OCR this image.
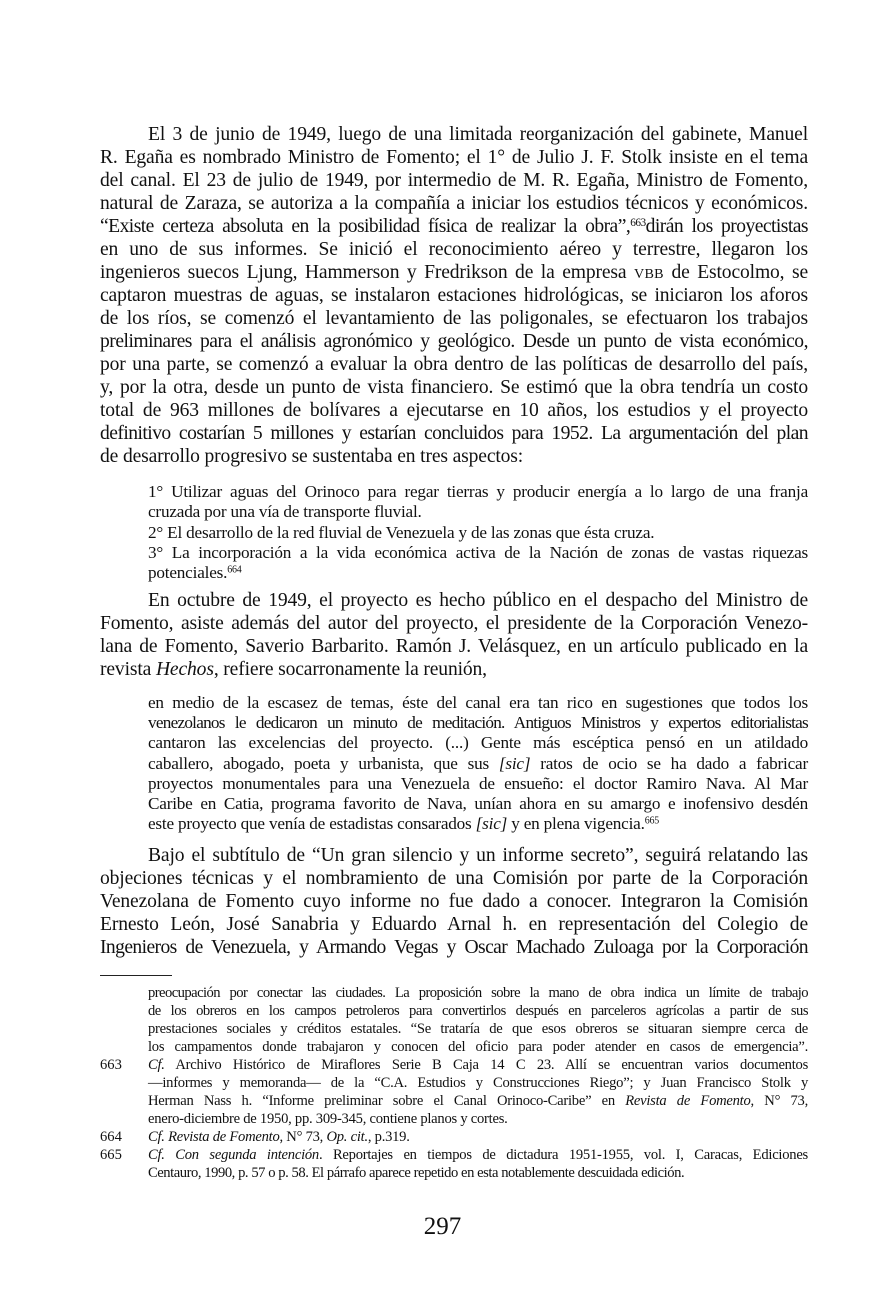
El 3 de junio de 1949, luego de una limitada reorganización del gabinete, Manuel
R. Egaña es nombrado Ministro de Fomento; el 1° de Julio J. F. Stolk insiste en el tema
del canal. El 23 de julio de 1949, por intermedio de M. R. Egaña, Ministro de Fomento,
natural de Zaraza, se autoriza a la compañía a iniciar los estudios técnicos y económicos.
“Existe certeza absoluta en la posibilidad física de realizar la obra”,$^{663}$dirán los proyectistas
en uno de sus informes. Se inició el reconocimiento aéreo y terrestre, llegaron los
ingenieros suecos Ljung, Hammerson y Fredrikson de la empresa VBB de Estocolmo, se
captaron muestras de aguas, se instalaron estaciones hidrológicas, se iniciaron los aforos
de los ríos, se comenzó el levantamiento de las poligonales, se efectuaron los trabajos
preliminares para el análisis agronómico y geológico. Desde un punto de vista económico,
por una parte, se comenzó a evaluar la obra dentro de las políticas de desarrollo del país,
y, por la otra, desde un punto de vista financiero. Se estimó que la obra tendría un costo
total de 963 millones de bolívares a ejecutarse en 10 años, los estudios y el proyecto
definitivo costarían 5 millones y estarían concluidos para 1952. La argumentación del plan
de desarrollo progresivo se sustentaba en tres aspectos:
1° Utilizar aguas del Orinoco para regar tierras y producir energía a lo largo de una franja
cruzada por una vía de transporte fluvial.
2° El desarrollo de la red fluvial de Venezuela y de las zonas que ésta cruza.
3° La incorporación a la vida económica activa de la Nación de zonas de vastas riquezas
potenciales.$^{664}$
En octubre de 1949, el proyecto es hecho público en el despacho del Ministro de
Fomento, asiste además del autor del proyecto, el presidente de la Corporación Venezo-
lana de Fomento, Saverio Barbarito. Ramón J. Velásquez, en un artículo publicado en la
revista Hechos, refiere socarronamente la reunión,
en medio de la escasez de temas, éste del canal era tan rico en sugestiones que todos los
venezolanos le dedicaron un minuto de meditación. Antiguos Ministros y expertos editorialistas
cantaron las excelencias del proyecto. (...) Gente más escéptica pensó en un atildado
caballero, abogado, poeta y urbanista, que sus [sic] ratos de ocio se ha dado a fabricar
proyectos monumentales para una Venezuela de ensueño: el doctor Ramiro Nava. Al Mar
Caribe en Catia, programa favorito de Nava, unían ahora en su amargo e inofensivo desdén
este proyecto que venía de estadistas consarados [sic] y en plena vigencia.$^{665}$
Bajo el subtítulo de “Un gran silencio y un informe secreto”, seguirá relatando las
objeciones técnicas y el nombramiento de una Comisión por parte de la Corporación
Venezolana de Fomento cuyo informe no fue dado a conocer. Integraron la Comisión
Ernesto León, José Sanabria y Eduardo Arnal h. en representación del Colegio de
Ingenieros de Venezuela, y Armando Vegas y Oscar Machado Zuloaga por la Corporación
preocupación por conectar las ciudades. La proposición sobre la mano de obra indica un límite de trabajo
de los obreros en los campos petroleros para convertirlos después en parceleros agrícolas a partir de sus
prestaciones sociales y créditos estatales. “Se trataría de que esos obreros se situaran siempre cerca de
los campamentos donde trabajaron y conocen del oficio para poder atender en casos de emergencia”.
663 Cf. Archivo Histórico de Miraflores Serie B Caja 14 C 23. Allí se encuentran varios documentos
—informes y memoranda— de la “C.A. Estudios y Construcciones Riego”; y Juan Francisco Stolk y
Herman Nass h. “Informe preliminar sobre el Canal Orinoco-Caribe” en Revista de Fomento, N° 73,
enero-diciembre de 1950, pp. 309-345, contiene planos y cortes.
664 Cf. Revista de Fomento, N° 73, Op. cit., p.319.
665 Cf. Con segunda intención. Reportajes en tiempos de dictadura 1951-1955, vol. I, Caracas, Ediciones
Centauro, 1990, p. 57 o p. 58. El párrafo aparece repetido en esta notablemente descuidada edición.
297
